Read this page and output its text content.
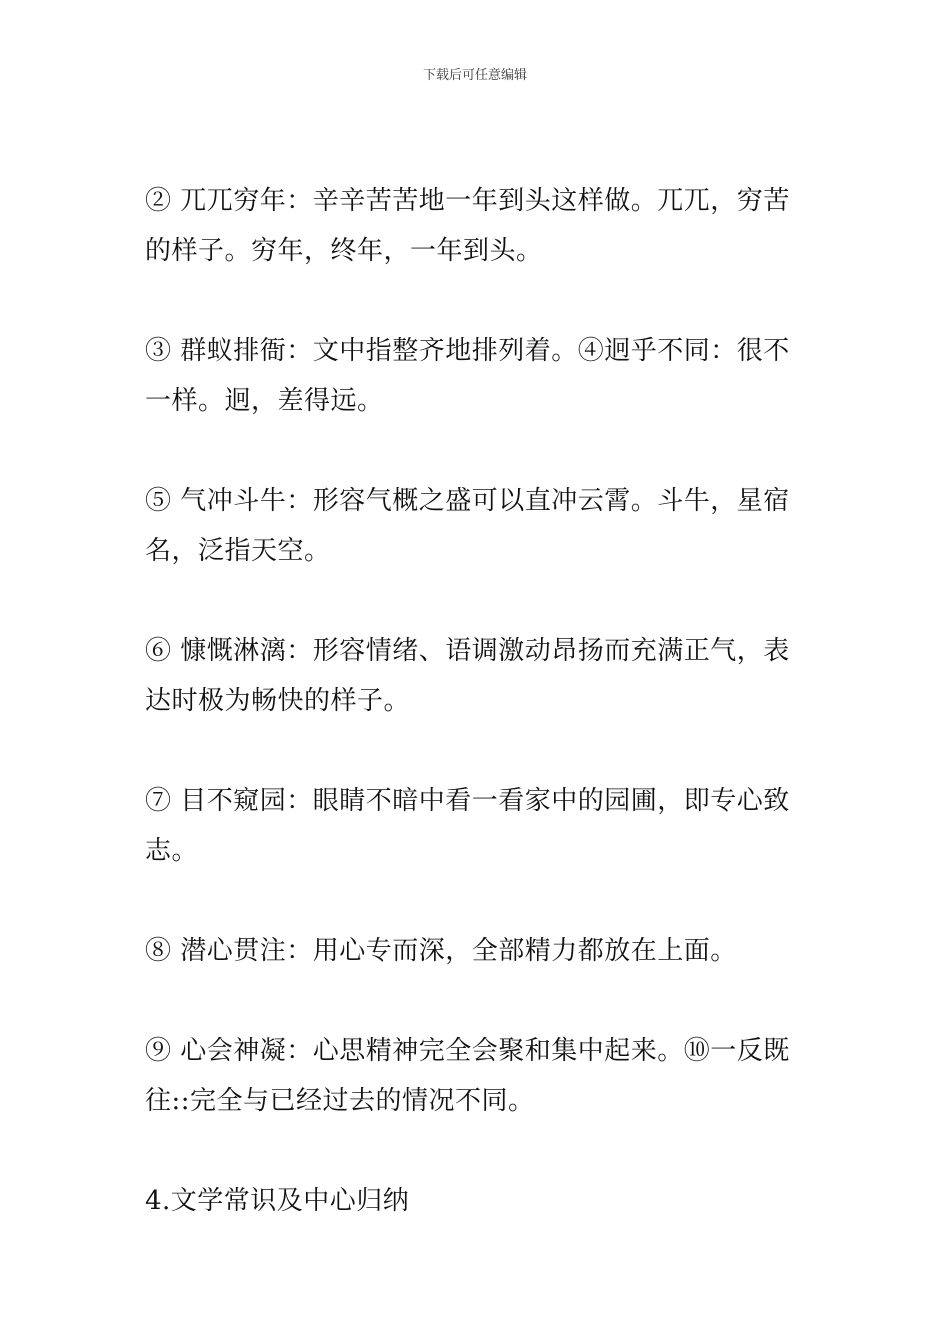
下载后可任意编辑

② 兀兀穷年：辛辛苦苦地一年到头这样做。兀兀，穷苦的样子。穷年，终年，一年到头。

③ 群蚁排衙：文中指整齐地排列着。④迥乎不同：很不一样。迥，差得远。

⑤ 气冲斗牛：形容气概之盛可以直冲云霄。斗牛，星宿名，泛指天空。

⑥ 慷慨淋漓：形容情绪、语调激动昂扬而充满正气，表达时极为畅快的样子。

⑦ 目不窥园：眼睛不暗中看一看家中的园圃，即专心致志。

⑧ 潜心贯注：用心专而深，全部精力都放在上面。

⑨ 心会神凝：心思精神完全会聚和集中起来。⑩一反既往::完全与已经过去的情况不同。

4.文学常识及中心归纳
